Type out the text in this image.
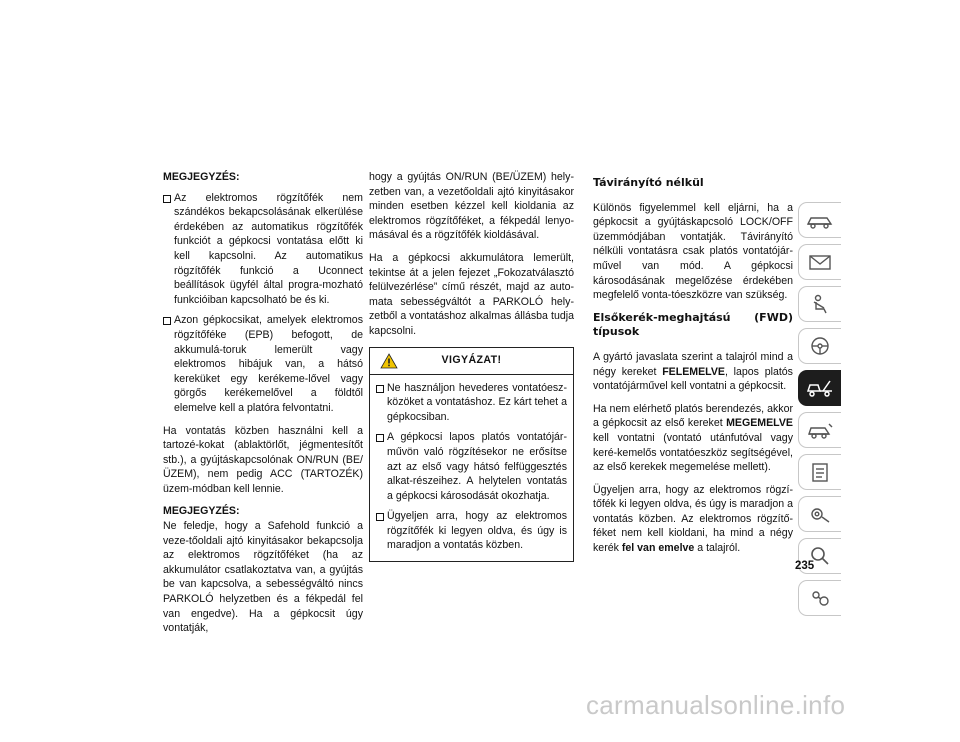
MEGJEGYZÉS:
Az elektromos rögzítőfék nem szándékos bekapcsolásának elkerülése érdekében az automatikus rögzítőfék funkciót a gépkocsi vontatása előtt ki kell kapcsolni. Az automatikus rögzítőfék funkció a Uconnect beállítások ügyfél által progra-mozható funkcióiban kapcsolható be és ki.
Azon gépkocsikat, amelyek elektromos rögzítőféke (EPB) befogott, de akkumulá-toruk lemerült vagy elektromos hibájuk van, a hátsó kereküket egy kerékeme-lővel vagy görgős kerékemelővel a földtől elemelve kell a platóra felvontatni.

Ha vontatás közben használni kell a tartozé-kokat (ablaktörlőt, jégmentesítőt stb.), a gyújtáskapcsolónak ON/RUN (BE/ÜZEM), nem pedig ACC (TARTOZÉK) üzem-módban kell lennie.

MEGJEGYZÉS:

Ne feledje, hogy a Safehold funkció a veze-tőoldali ajtó kinyitásakor bekapcsolja az elektromos rögzítőféket (ha az akkumulátor csatlakoztatva van, a gyújtás be van kapcsolva, a sebességváltó nincs PARKOLÓ helyzetben és a fékpedál fel van engedve). Ha a gépkocsit úgy vontatják,

hogy a gyújtás ON/RUN (BE/ÜZEM) hely-zetben van, a vezetőoldali ajtó kinyitásakor minden esetben kézzel kell kioldania az elektromos rögzítőféket, a fékpedál lenyo-másával és a rögzítőfék kioldásával.

Ha a gépkocsi akkumulátora lemerült, tekintse át a jelen fejezet „Fokozatválasztó felülvezérlése” című részét, majd az auto-mata sebességváltót a PARKOLÓ hely-zetből a vontatáshoz alkalmas állásba tudja kapcsolni.

VIGYÁZAT!
Ne használjon hevederes vontatóesz-közöket a vontatáshoz. Ez kárt tehet a gépkocsiban.
A gépkocsi lapos platós vontatójár-művön való rögzítésekor ne erősítse azt az első vagy hátsó felfüggesztés alkat-részeihez. A helytelen vontatás a gépkocsi károsodását okozhatja.
Ügyeljen arra, hogy az elektromos rögzítőfék ki legyen oldva, és úgy is maradjon a vontatás közben.
Távirányító nélkül

Különös figyelemmel kell eljárni, ha a gépkocsit a gyújtáskapcsoló LOCK/OFF üzemmódjában vontatják. Távirányító nélküli vontatásra csak platós vontatójár-művel van mód. A gépkocsi károsodásának megelőzése érdekében megfelelő vonta-tóeszközre van szükség.

Elsőkerék-meghajtású (FWD) típusok

A gyártó javaslata szerint a talajról mind a négy kereket FELEMELVE, lapos platós vontatójárművel kell vontatni a gépkocsit.

Ha nem elérhető platós berendezés, akkor a gépkocsit az első kereket MEGEMELVE kell vontatni (vontató utánfutóval vagy keré-kemelős vontatóeszköz segítségével, az első kerekek megemelése mellett).

Ügyeljen arra, hogy az elektromos rögzí-tőfék ki legyen oldva, és úgy is maradjon a vontatás közben. Az elektromos rögzítő-féket nem kell kioldani, ha mind a négy kerék fel van emelve a talajról.

235
carmanualsonline.info
